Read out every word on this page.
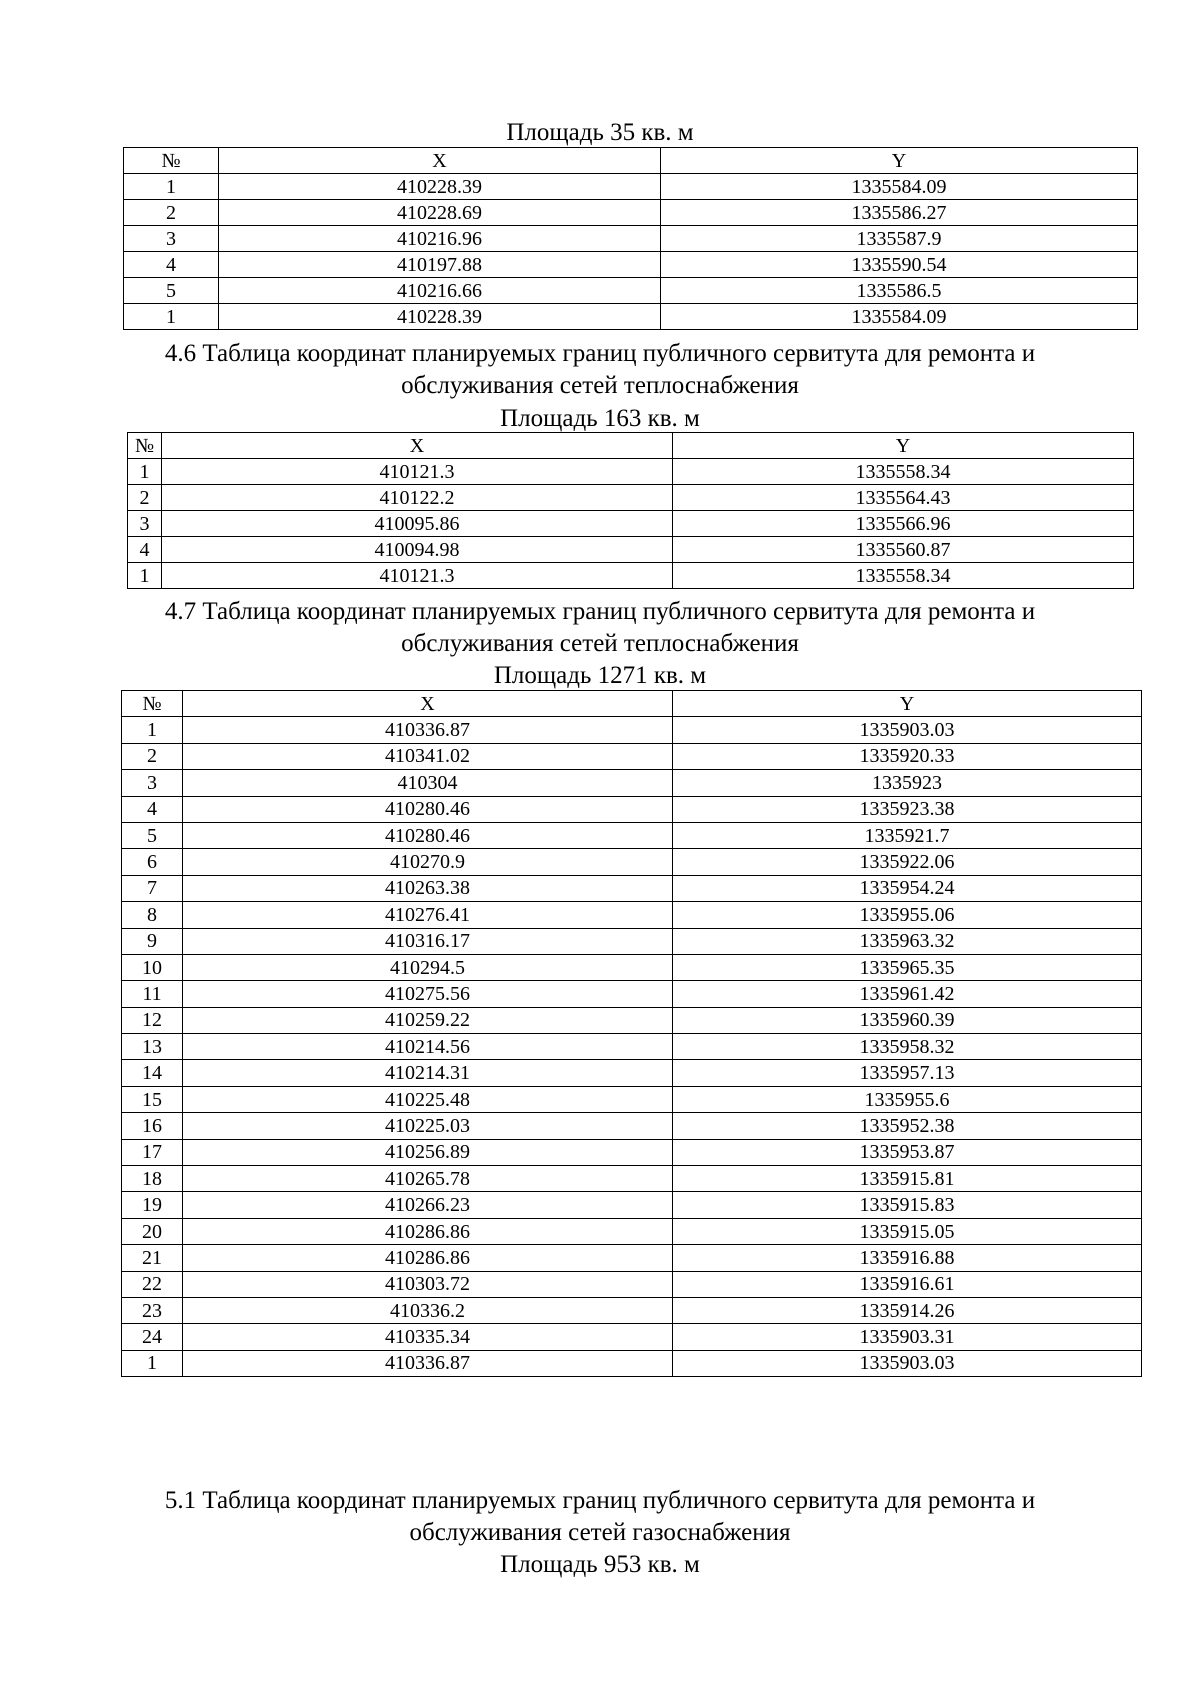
Площадь 35 кв. м
№	X	Y
1	410228.39	1335584.09
2	410228.69	1335586.27
3	410216.96	1335587.9
4	410197.88	1335590.54
5	410216.66	1335586.5
1	410228.39	1335584.09
4.6 Таблица координат планируемых границ публичного сервитута для ремонта и
обслуживания сетей теплоснабжения
Площадь 163 кв. м
№	X	Y
1	410121.3	1335558.34
2	410122.2	1335564.43
3	410095.86	1335566.96
4	410094.98	1335560.87
1	410121.3	1335558.34
4.7 Таблица координат планируемых границ публичного сервитута для ремонта и
обслуживания сетей теплоснабжения
Площадь 1271 кв. м
№	X	Y
1	410336.87	1335903.03
2	410341.02	1335920.33
3	410304	1335923
4	410280.46	1335923.38
5	410280.46	1335921.7
6	410270.9	1335922.06
7	410263.38	1335954.24
8	410276.41	1335955.06
9	410316.17	1335963.32
10	410294.5	1335965.35
11	410275.56	1335961.42
12	410259.22	1335960.39
13	410214.56	1335958.32
14	410214.31	1335957.13
15	410225.48	1335955.6
16	410225.03	1335952.38
17	410256.89	1335953.87
18	410265.78	1335915.81
19	410266.23	1335915.83
20	410286.86	1335915.05
21	410286.86	1335916.88
22	410303.72	1335916.61
23	410336.2	1335914.26
24	410335.34	1335903.31
1	410336.87	1335903.03
5.1 Таблица координат планируемых границ публичного сервитута для ремонта и
обслуживания сетей газоснабжения
Площадь 953 кв. м
